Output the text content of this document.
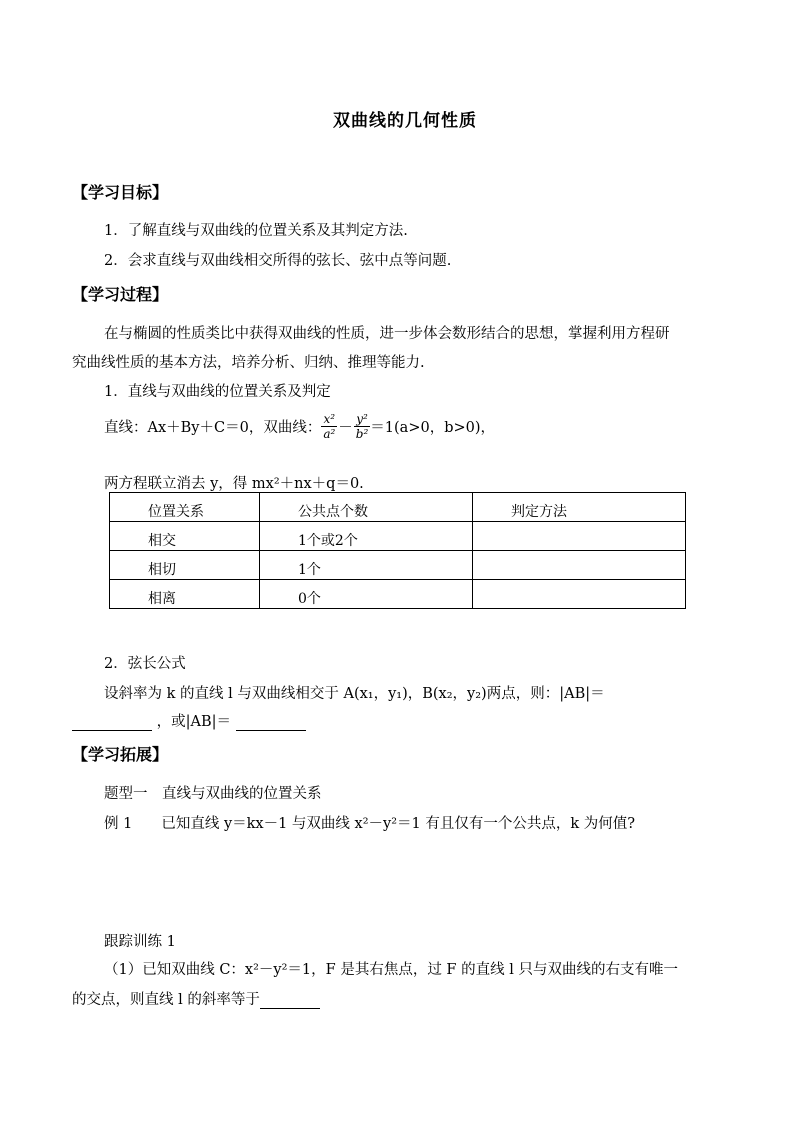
双曲线的几何性质
【学习目标】
1．了解直线与双曲线的位置关系及其判定方法.
2．会求直线与双曲线相交所得的弦长、弦中点等问题.
【学习过程】
在与椭圆的性质类比中获得双曲线的性质，进一步体会数形结合的思想，掌握利用方程研
究曲线性质的基本方法，培养分析、归纳、推理等能力.
1．直线与双曲线的位置关系及判定
直线：Ax＋By＋C＝0，双曲线： $\frac{\text{x²}}{\text{a²}} - \frac{\text{y²}}{\text{b²}} =1(a>0$，b>0)，
两方程联立消去 y，得 mx²＋nx＋q＝0.
位置关系	公共点个数	判定方法
相交	1个或2个	
相切	1个	
相离	0个	
2．弦长公式
设斜率为 k 的直线 l 与双曲线相交于 A(x₁，y₁)，B(x₂，y₂)两点，则：|AB|＝
，或|AB|＝
【学习拓展】
题型一　直线与双曲线的位置关系
例 1　　已知直线 y＝kx－1 与双曲线 x²－y²＝1 有且仅有一个公共点，k 为何值?
跟踪训练 1
（1）已知双曲线 C：x²－y²＝1，F 是其右焦点，过 F 的直线 l 只与双曲线的右支有唯一
的交点，则直线 l 的斜率等于
